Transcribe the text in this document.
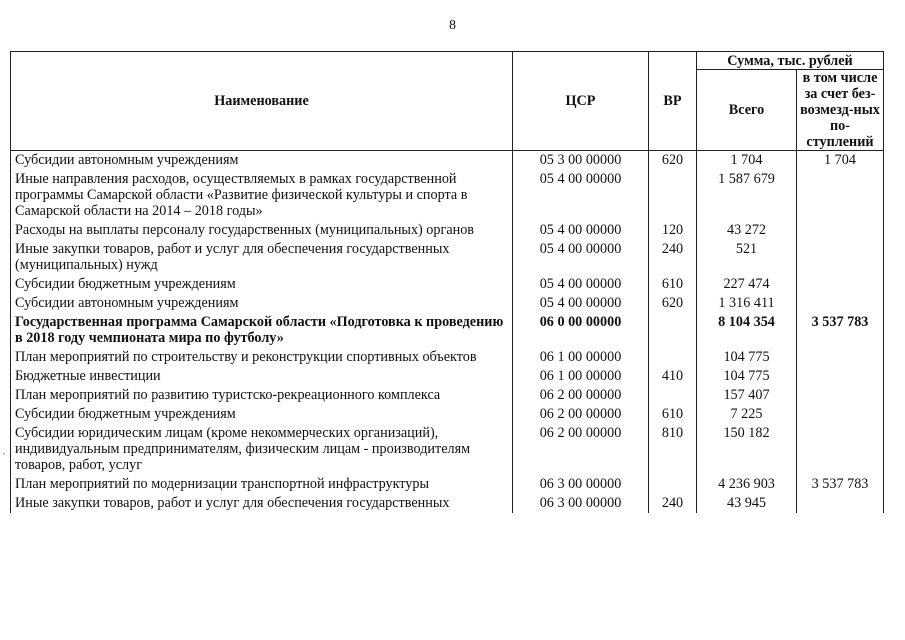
8
`
Наименование	ЦСР	ВР	Сумма, тыс. рублей	
			Всего	в том числе за счет без-возмезд-ных по-ступлений
Субсидии автономным учреждениям	05 3 00 00000	620	1 704	1 704
Иные направления расходов, осуществляемых в рамках государственной программы Самарской области «Развитие физической культуры и спорта в Самарской области на 2014 – 2018 годы»	05 4 00 00000		1 587 679	
Расходы на выплаты персоналу государственных (муниципальных) органов	05 4 00 00000	120	43 272	
Иные закупки товаров, работ и услуг для обеспечения государственных (муниципальных) нужд	05 4 00 00000	240	521	
Субсидии бюджетным учреждениям	05 4 00 00000	610	227 474	
Субсидии автономным учреждениям	05 4 00 00000	620	1 316 411	
Государственная программа Самарской области «Подготовка к проведению в 2018 году чемпионата мира по футболу»	06 0 00 00000		8 104 354	3 537 783
План мероприятий по строительству и реконструкции спортивных объектов	06 1 00 00000		104 775	
Бюджетные инвестиции	06 1 00 00000	410	104 775	
План мероприятий по развитию туристско-рекреационного комплекса	06 2 00 00000		157 407	
Субсидии бюджетным учреждениям	06 2 00 00000	610	7 225	
Субсидии юридическим лицам (кроме некоммерческих организаций), индивидуальным предпринимателям, физическим лицам - производителям товаров, работ, услуг	06 2 00 00000	810	150 182	
План мероприятий по модернизации транспортной инфраструктуры	06 3 00 00000		4 236 903	3 537 783
Иные закупки товаров, работ и услуг для обеспечения государственных	06 3 00 00000	240	43 945	
